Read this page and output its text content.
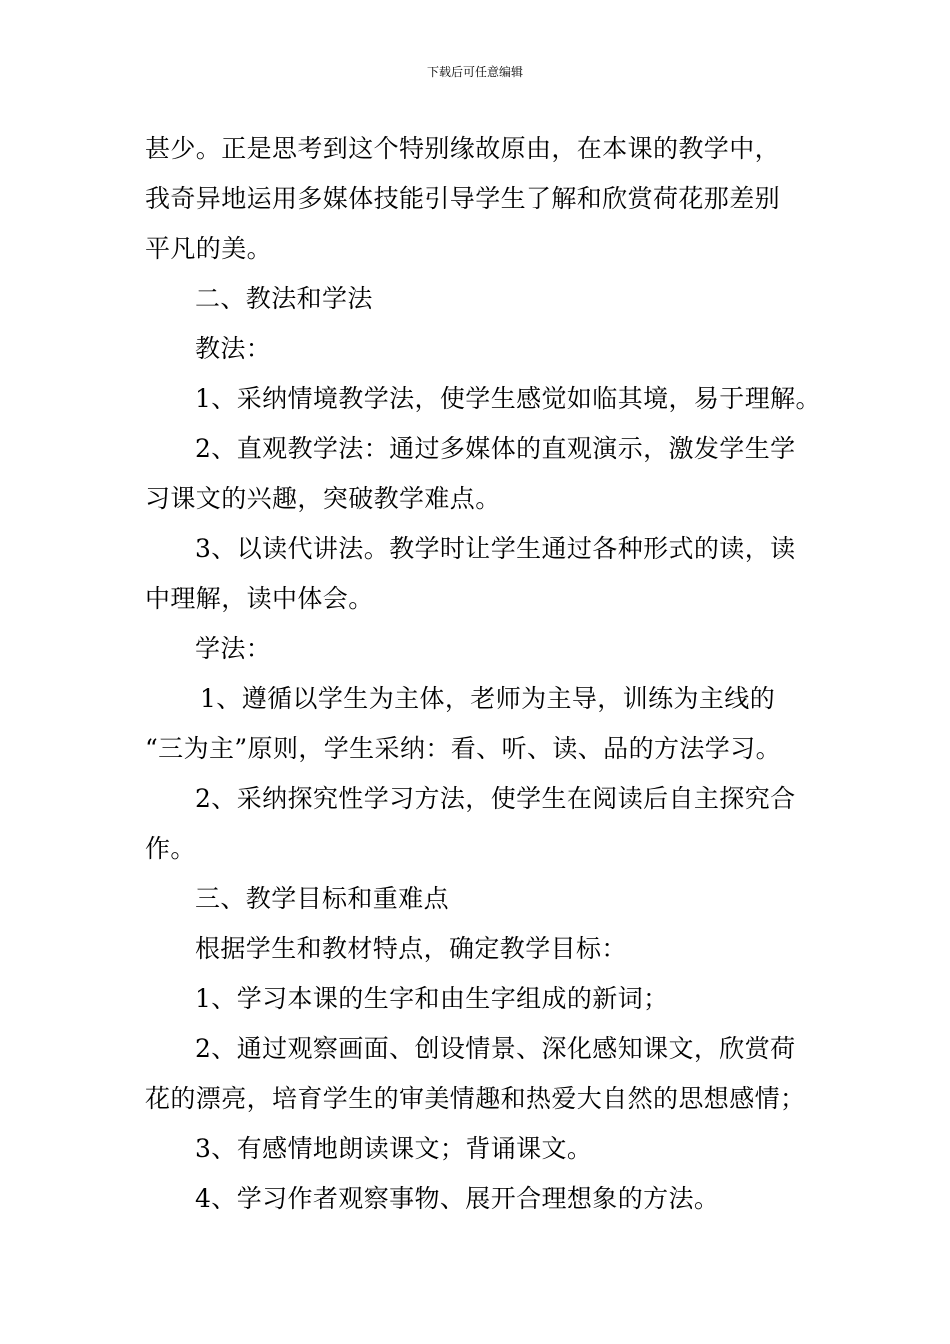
下载后可任意编辑
甚少。正是思考到这个特别缘故原由，在本课的教学中，
我奇异地运用多媒体技能引导学生了解和欣赏荷花那差别
平凡的美。
二、教法和学法
教法：
1、采纳情境教学法，使学生感觉如临其境，易于理解。
2、直观教学法：通过多媒体的直观演示，激发学生学
习课文的兴趣，突破教学难点。
3、以读代讲法。教学时让学生通过各种形式的读，读
中理解，读中体会。
学法：
1、遵循以学生为主体，老师为主导，训练为主线的
“三为主”原则，学生采纳：看、听、读、品的方法学习。
2、采纳探究性学习方法，使学生在阅读后自主探究合
作。
三、教学目标和重难点
根据学生和教材特点，确定教学目标：
1、学习本课的生字和由生字组成的新词；
2、通过观察画面、创设情景、深化感知课文，欣赏荷
花的漂亮，培育学生的审美情趣和热爱大自然的思想感情；
3、有感情地朗读课文；背诵课文。
4、学习作者观察事物、展开合理想象的方法。
